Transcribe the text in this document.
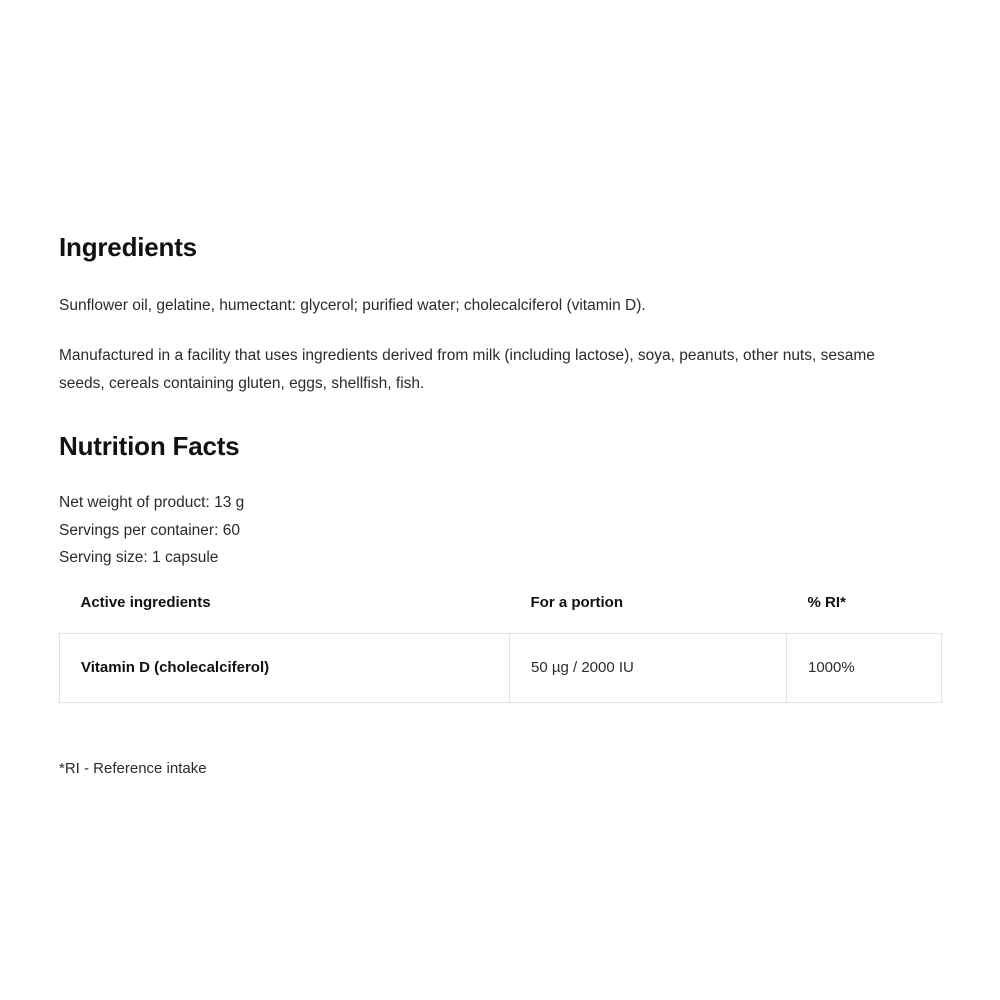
Ingredients

Sunflower oil, gelatine, humectant: glycerol; purified water; cholecalciferol (vitamin D).

Manufactured in a facility that uses ingredients derived from milk (including lactose), soya, peanuts, other nuts, sesame seeds, cereals containing gluten, eggs, shellfish, fish.

Nutrition Facts
Net weight of product: 13 g
Servings per container: 60
Serving size: 1 capsule
Active ingredients	For a portion	% RI*
Vitamin D (cholecalciferol)	50 µg / 2000 IU	1000%
*RI - Reference intake
